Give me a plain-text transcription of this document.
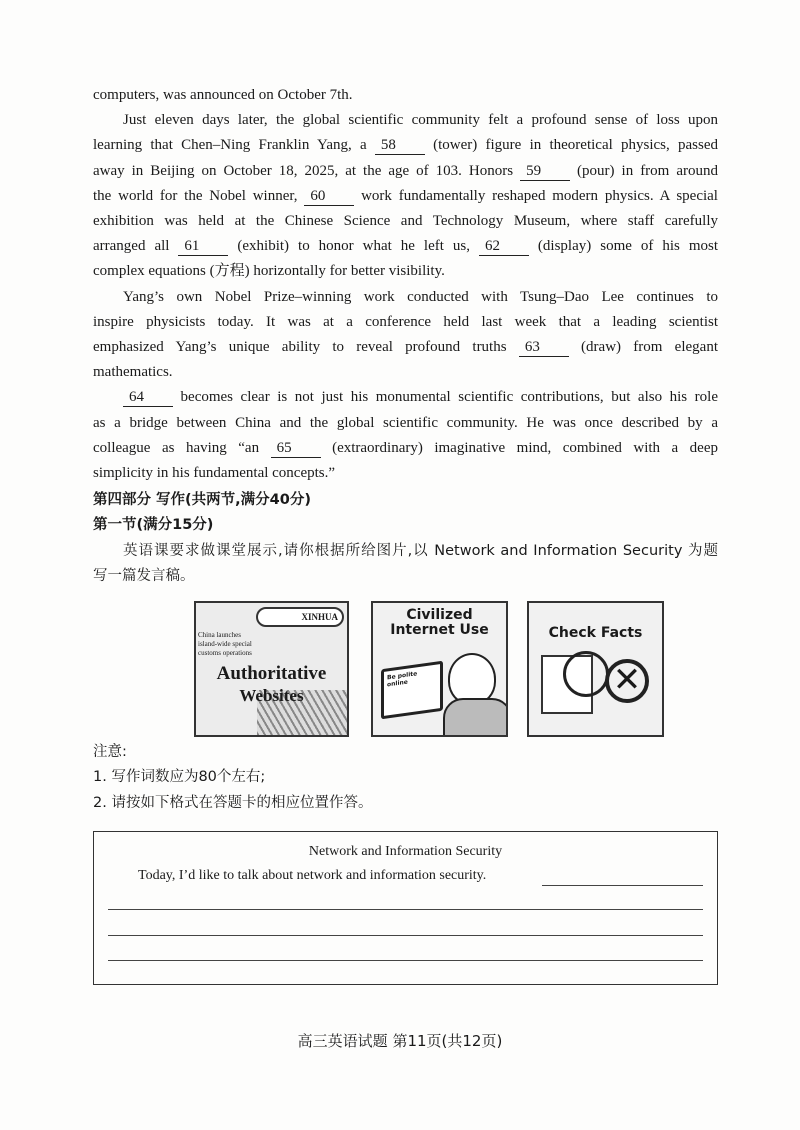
computers, was announced on October 7th.
Just eleven days later, the global scientific community felt a profound sense of loss upon
learning that Chen–Ning Franklin Yang, a 58 (tower) figure in theoretical physics, passed
away in Beijing on October 18, 2025, at the age of 103. Honors 59 (pour) in from around
the world for the Nobel winner, 60 work fundamentally reshaped modern physics. A special
exhibition was held at the Chinese Science and Technology Museum, where staff carefully
arranged all 61 (exhibit) to honor what he left us, 62 (display) some of his most
complex equations (方程) horizontally for better visibility.
Yang’s own Nobel Prize–winning work conducted with Tsung–Dao Lee continues to
inspire physicists today. It was at a conference held last week that a leading scientist
emphasized Yang’s unique ability to reveal profound truths 63 (draw) from elegant
mathematics.
64 becomes clear is not just his monumental scientific contributions, but also his role
as a bridge between China and the global scientific community. He was once described by a
colleague as having “an 65 (extraordinary) imaginative mind, combined with a deep
simplicity in his fundamental concepts.”
第四部分 写作(共两节,满分40分)
第一节(满分15分)
英语课要求做课堂展示,请你根据所给图片,以 Network and Information Security 为题
写一篇发言稿。
XINHUA
China launches island-wide special customs operations
Authoritative
Websites
Civilized
Internet Use
Be polite online
Check Facts
✕
注意:
1. 写作词数应为80个左右;
2. 请按如下格式在答题卡的相应位置作答。
Network and Information Security
Today, I’d like to talk about network and information security.
高三英语试题 第11页(共12页)
